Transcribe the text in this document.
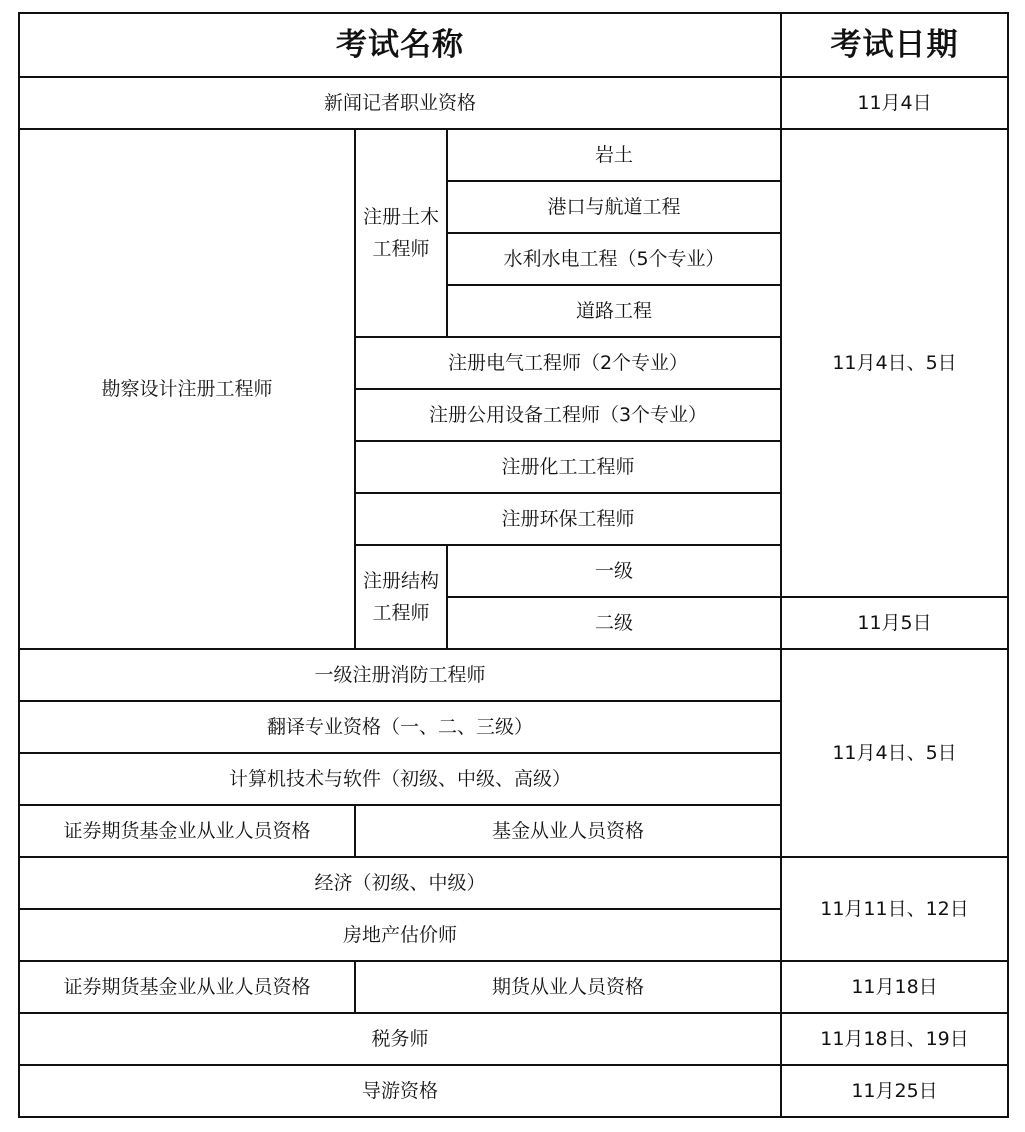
考试名称			考试日期
新闻记者职业资格			11月4日
勘察设计注册工程师	注册土木工程师	岩土	11月4日、5日
		港口与航道工程	
		水利水电工程（5个专业）	
		道路工程	
	注册电气工程师（2个专业）		
	注册公用设备工程师（3个专业）		
	注册化工工程师		
	注册环保工程师		
	注册结构工程师	一级	
		二级	11月5日
一级注册消防工程师			11月4日、5日
翻译专业资格（一、二、三级）			
计算机技术与软件（初级、中级、高级）			
证券期货基金业从业人员资格	基金从业人员资格		
经济（初级、中级）			11月11日、12日
房地产估价师			
证券期货基金业从业人员资格	期货从业人员资格		11月18日
税务师			11月18日、19日
导游资格			11月25日
